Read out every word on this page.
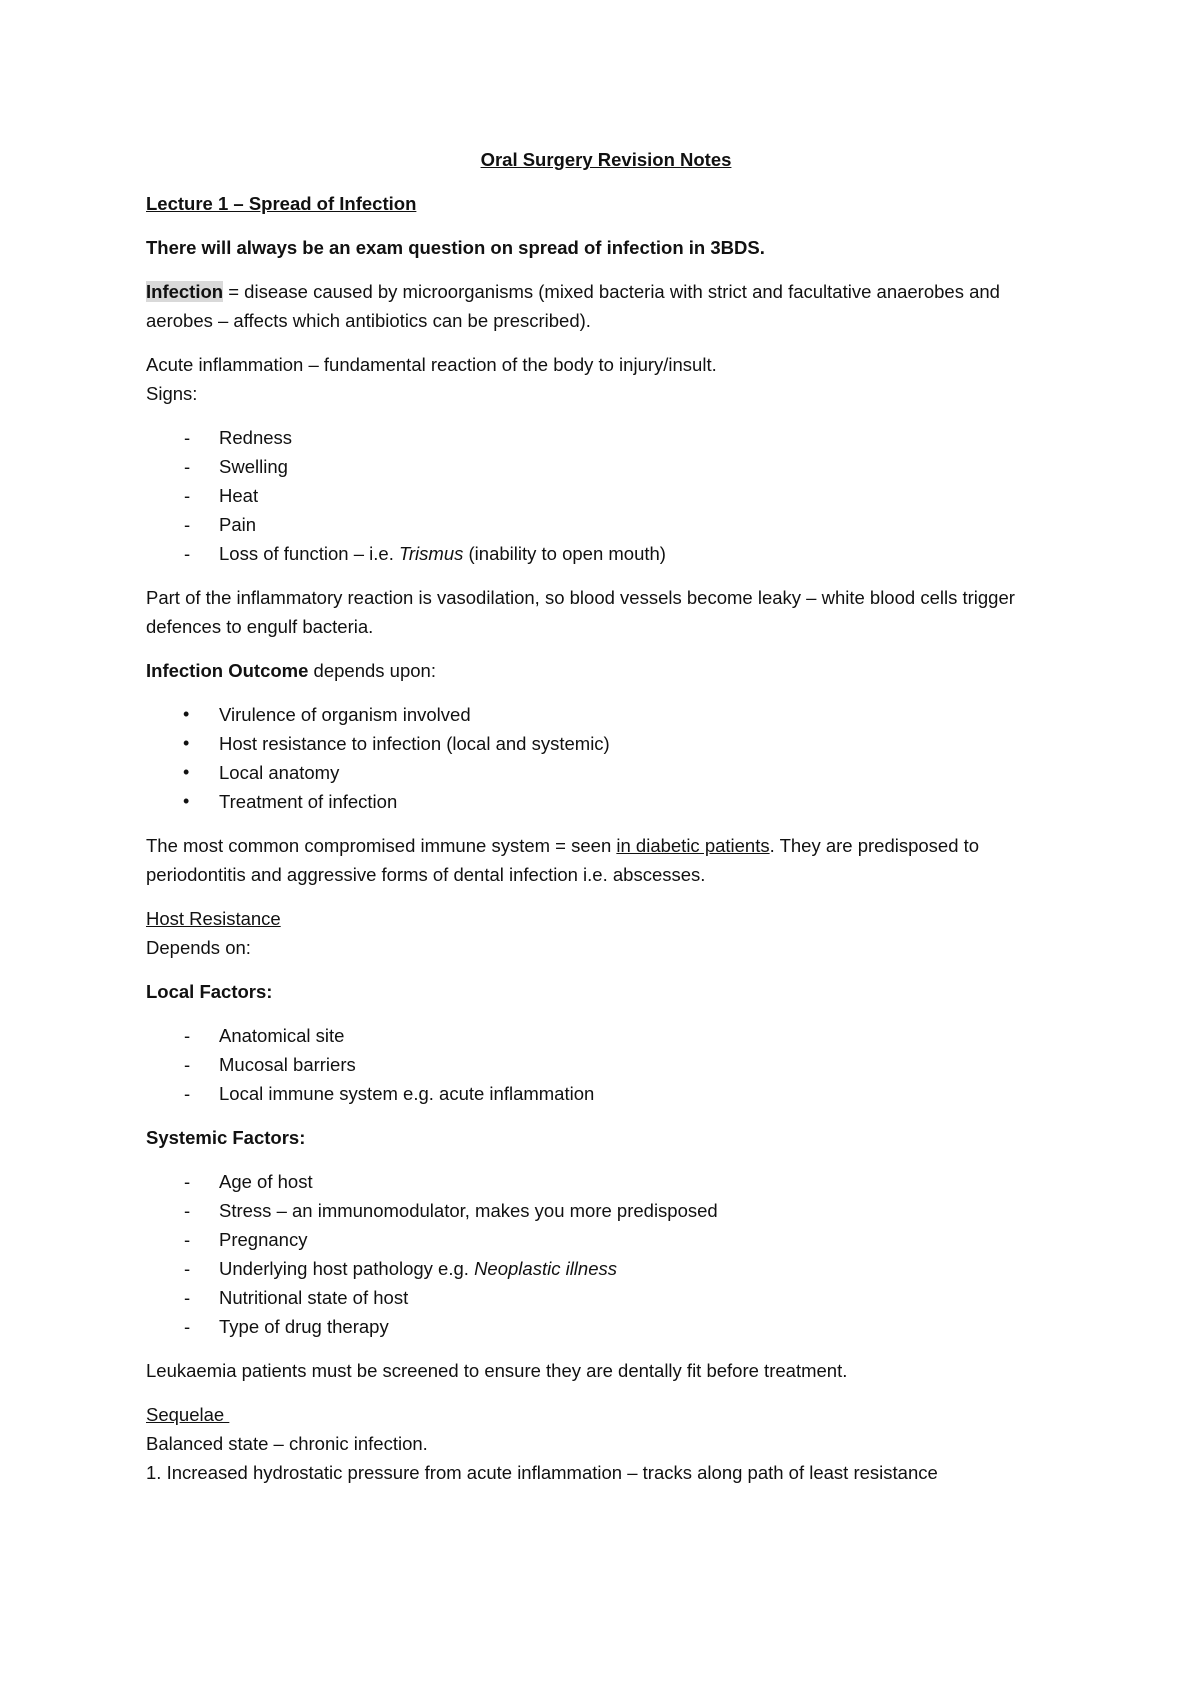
Oral Surgery Revision Notes

Lecture 1 – Spread of Infection

There will always be an exam question on spread of infection in 3BDS.

Infection = disease caused by microorganisms (mixed bacteria with strict and facultative anaerobes and aerobes – affects which antibiotics can be prescribed).

Acute inflammation – fundamental reaction of the body to injury/insult.

Signs:

- Redness
- Swelling
- Heat
- Pain
- Loss of function – i.e. Trismus (inability to open mouth)

Part of the inflammatory reaction is vasodilation, so blood vessels become leaky – white blood cells trigger defences to engulf bacteria.

Infection Outcome depends upon:

• Virulence of organism involved
• Host resistance to infection (local and systemic)
• Local anatomy
• Treatment of infection

The most common compromised immune system = seen in diabetic patients. They are predisposed to periodontitis and aggressive forms of dental infection i.e. abscesses.

Host Resistance

Depends on:

Local Factors:

- Anatomical site
- Mucosal barriers
- Local immune system e.g. acute inflammation

Systemic Factors:

- Age of host
- Stress – an immunomodulator, makes you more predisposed
- Pregnancy
- Underlying host pathology e.g. Neoplastic illness
- Nutritional state of host
- Type of drug therapy

Leukaemia patients must be screened to ensure they are dentally fit before treatment.

Sequelae
Balanced state – chronic infection.
1. Increased hydrostatic pressure from acute inflammation – tracks along path of least resistance
